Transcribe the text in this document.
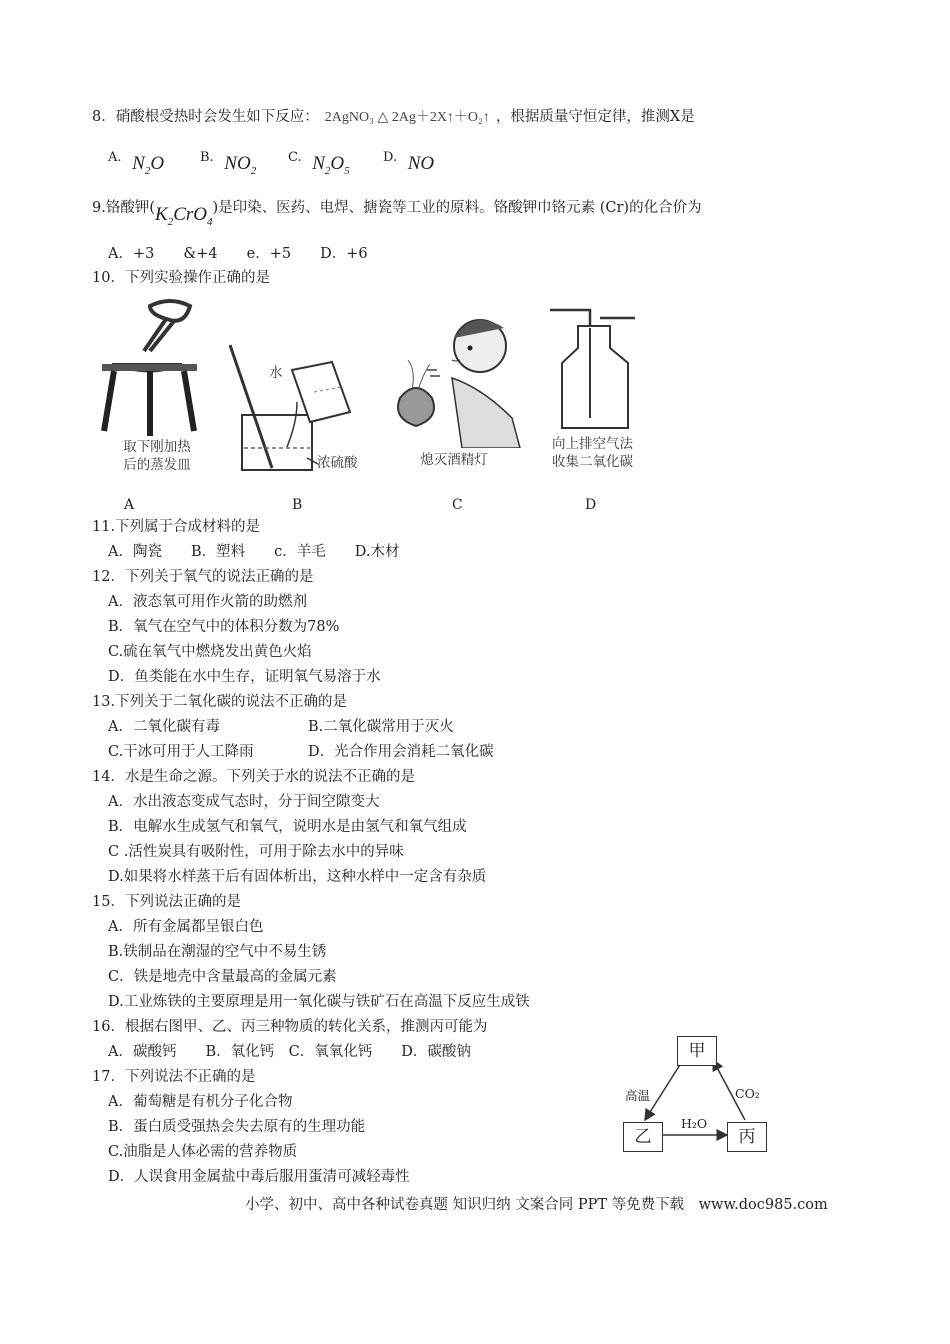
8．硝酸根受热时会发生如下反应： 2AgNO₃ △ 2Ag＋2X↑＋O₂↑ ，根据质量守恒定律，推测X是
A. $N_2O$	B. $NO_2$
C. $N_2O_5$
D. NO
9.铬酸钾$(K_2CrO_4)$是印染、医药、电焊、搪瓷等工业的原料。铬酸钾巾铬元素 (Cr)的化合价为
A．+3　　&+4　　e．+5　　D．+6
10．下列实验操作正确的是
取下刚加热
后的蒸发皿
水
浓硫酸	熄灭酒精灯
向上排空气法
收集二氧化碳
A	B	C	D
11.下列属于合成材料的是
A．陶瓷　　B．塑料　　c．羊毛　　D.木材
12．下列关于氧气的说法正确的是
A．液态氧可用作火箭的助燃剂
B．氧气在空气中的体积分数为78%
C.硫在氧气中燃烧发出黄色火焰
D．鱼类能在水中生存，证明氧气易溶于水
13.下列关于二氧化碳的说法不正确的是
A．二氧化碳有毒	B.二氧化碳常用于灭火
C.干冰可用于人工降雨	D．光合作用会消耗二氧化碳
14．水是生命之源。下列关于水的说法不正确的是
A．水出液态变成气态时，分于间空隙变大
B．电解水生成氢气和氧气，说明水是由氢气和氧气组成
C .活性炭具有吸附性，可用于除去水中的异味
D.如果将水样蒸干后有固体析出，这种水样中一定含有杂质
15．下列说法正确的是
A．所有金属都呈银白色
B.铁制品在潮湿的空气中不易生锈
C．铁是地壳中含量最高的金属元素
D.工业炼铁的主要原理是用一氧化碳与铁矿石在高温下反应生成铁
16．根据右图甲、乙、丙三种物质的转化关系，推测丙可能为
A．碳酸钙　　B．氧化钙　C．氧氧化钙　　D．碳酸钠	甲
乙	丙
高温	CO₂
H₂O
17．下列说法不正确的是
A．葡萄糖是有机分子化合物
B．蛋白质受强热会失去原有的生理功能
C.油脂是人体必需的营养物质
D．人误食用金属盐中毒后服用蛋清可减轻毒性
小学、初中、高中各种试卷真题 知识归纳 文案合同 PPT 等免费下载　www.doc985.com
